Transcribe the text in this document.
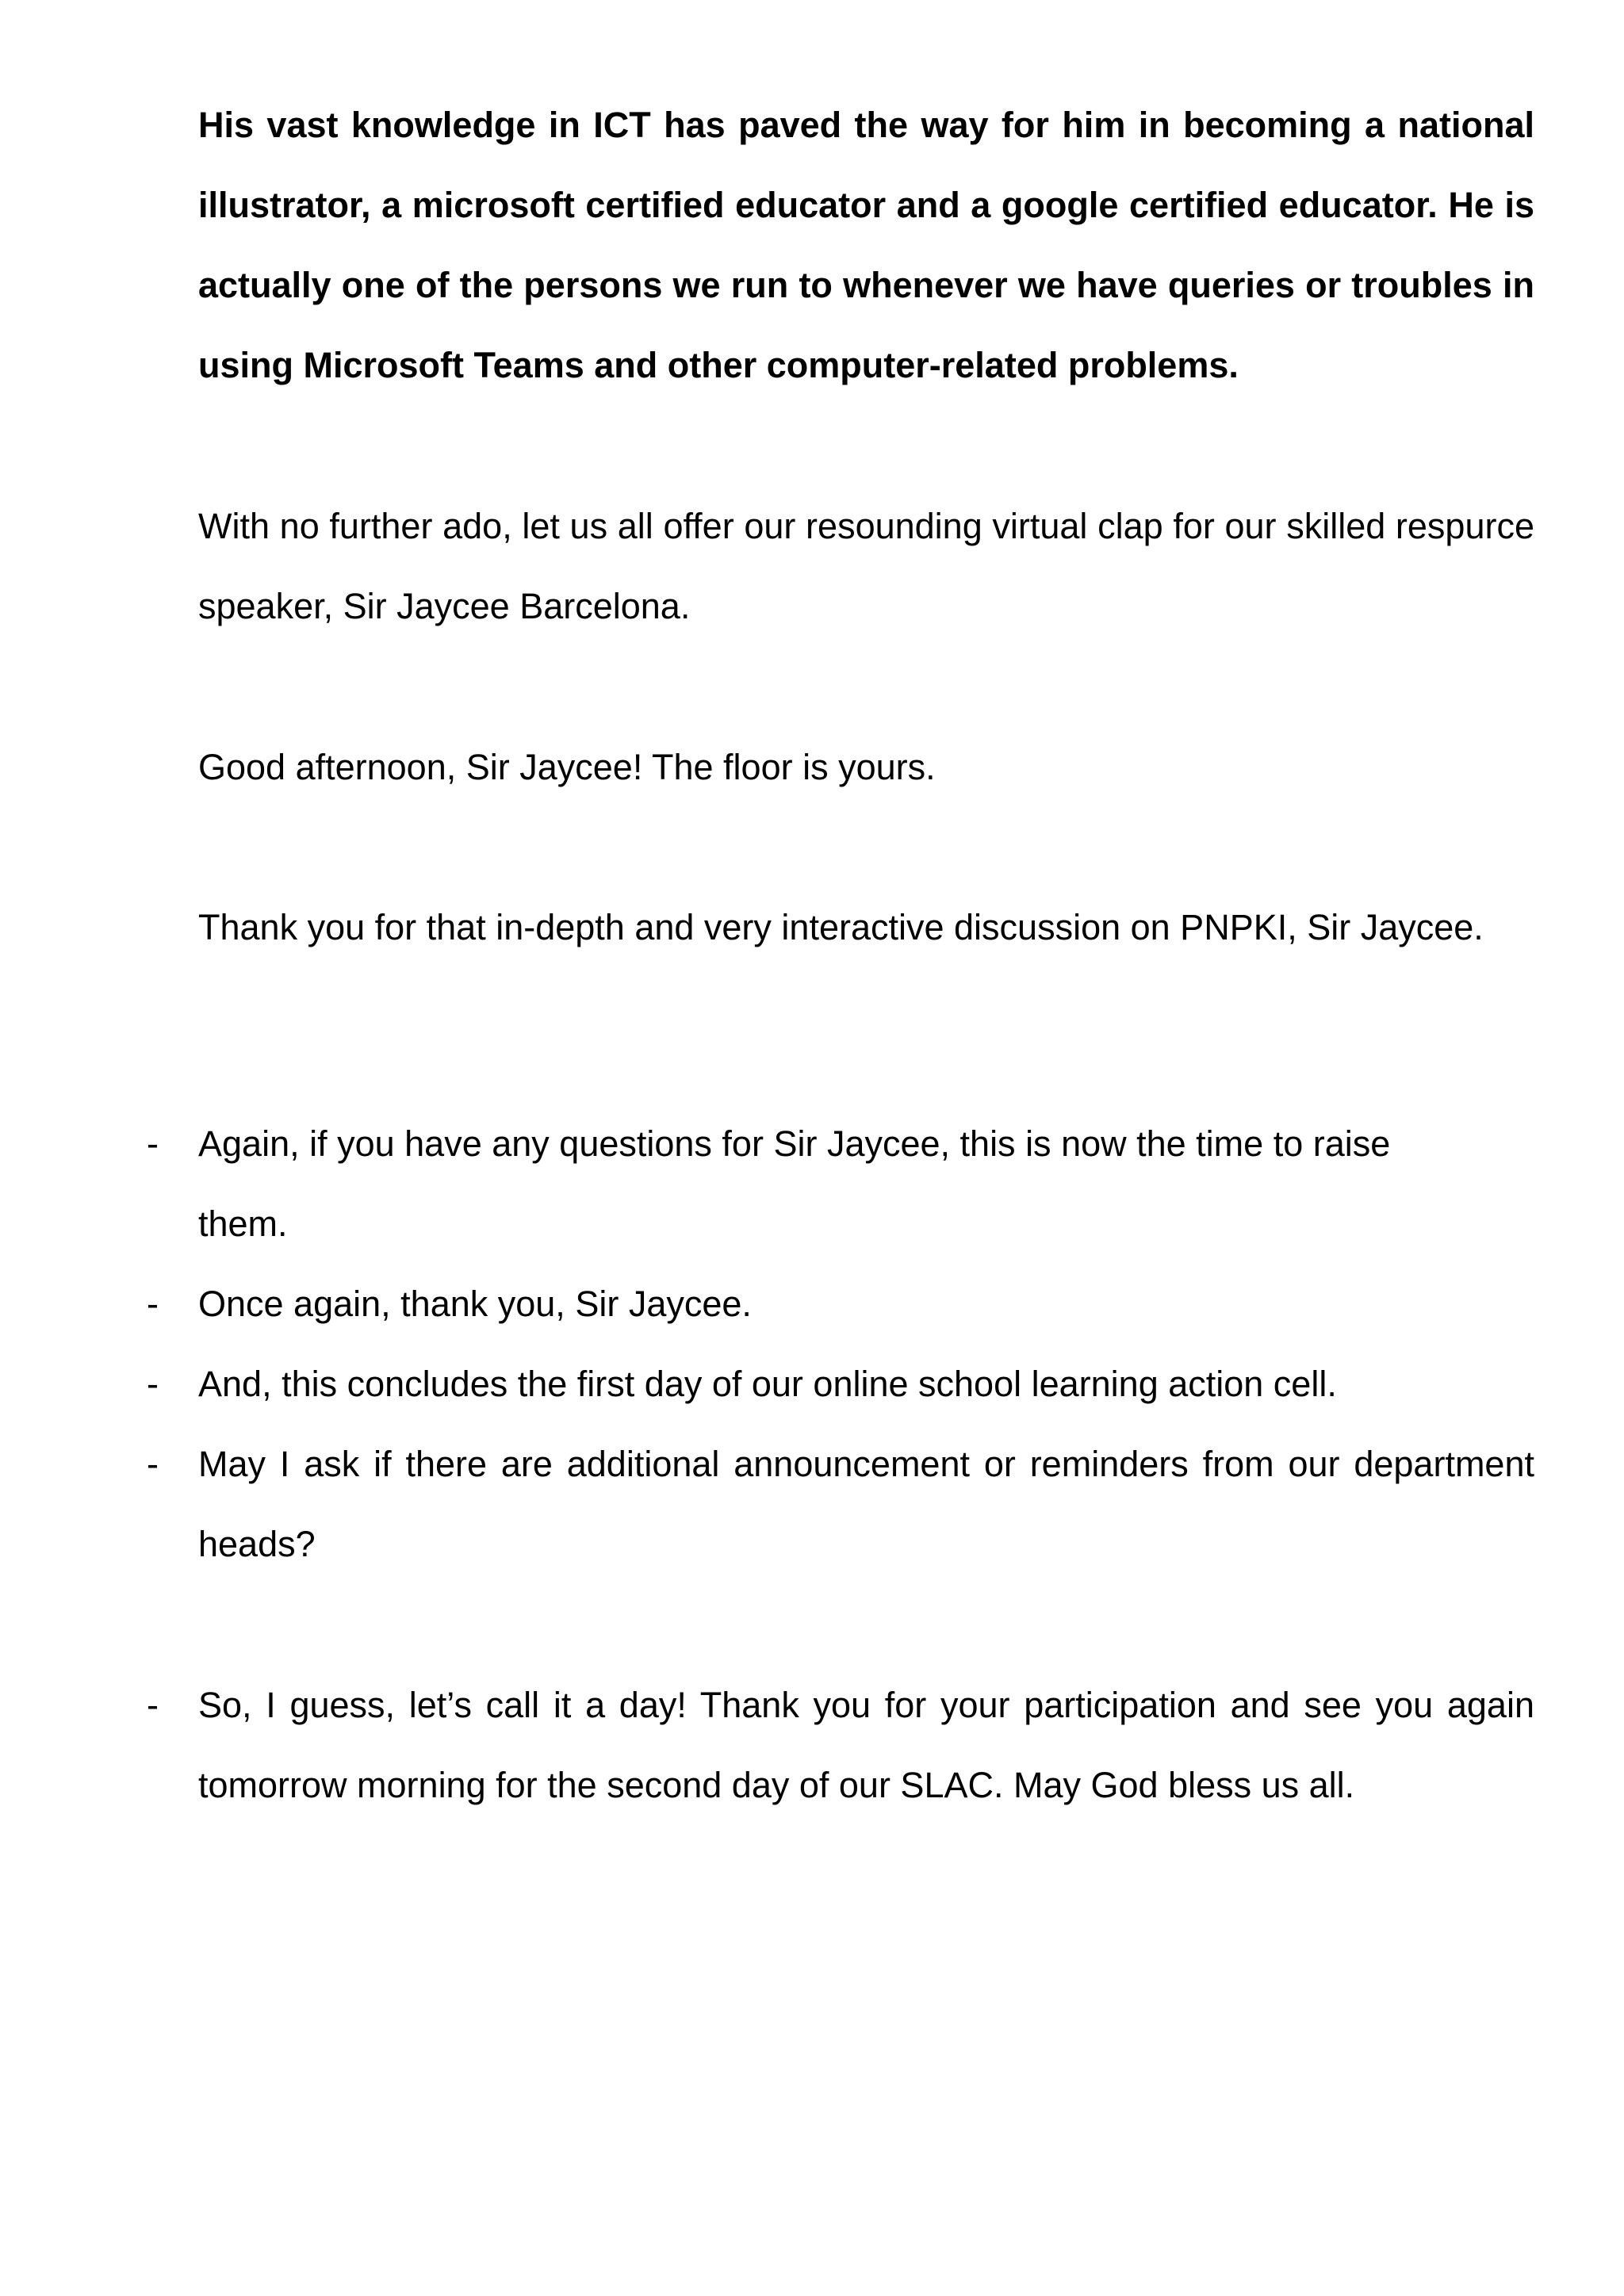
His vast knowledge in ICT has paved the way for him in becoming a national illustrator, a microsoft certified educator and a google certified educator. He is actually one of the persons we run to whenever we have queries or troubles in using Microsoft Teams and other computer-related problems.

With no further ado, let us all offer our resounding virtual clap for our skilled respurce speaker, Sir Jaycee Barcelona.

Good afternoon, Sir Jaycee! The floor is yours.

Thank you for that in-depth and very interactive discussion on PNPKI, Sir Jaycee.

- Again, if you have any questions for Sir Jaycee, this is now the time to raise them.

- Once again, thank you, Sir Jaycee.

- And, this concludes the first day of our online school learning action cell.

- May I ask if there are additional announcement or reminders from our department heads?

- So, I guess, let’s call it a day! Thank you for your participation and see you again tomorrow morning for the second day of our SLAC. May God bless us all.
